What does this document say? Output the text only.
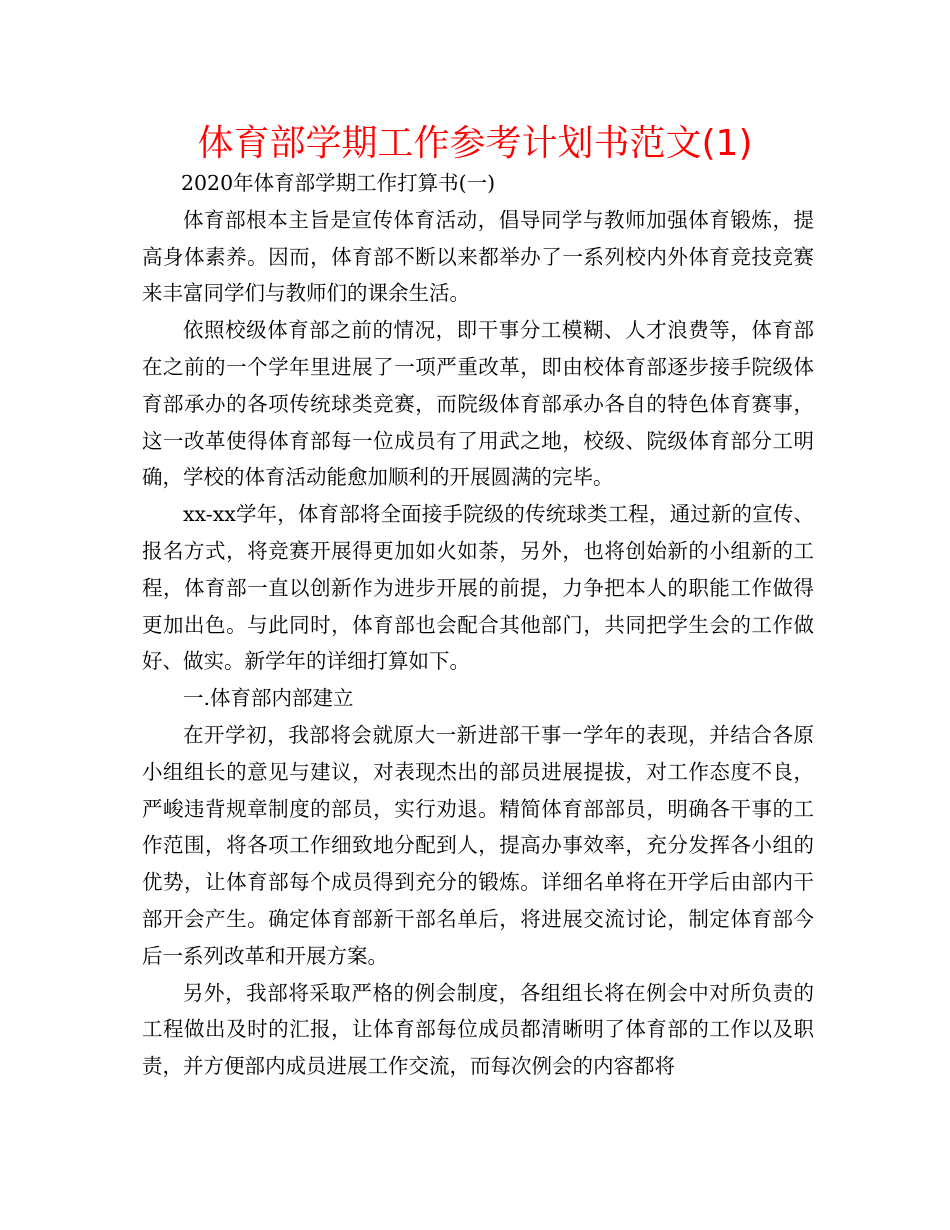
体育部学期工作参考计划书范文(1)

2020年体育部学期工作打算书(一)

体育部根本主旨是宣传体育活动，倡导同学与教师加强体育锻炼，提高身体素养。因而，体育部不断以来都举办了一系列校内外体育竞技竞赛来丰富同学们与教师们的课余生活。

依照校级体育部之前的情况，即干事分工模糊、人才浪费等，体育部在之前的一个学年里进展了一项严重改革，即由校体育部逐步接手院级体育部承办的各项传统球类竞赛，而院级体育部承办各自的特色体育赛事，这一改革使得体育部每一位成员有了用武之地，校级、院级体育部分工明确，学校的体育活动能愈加顺利的开展圆满的完毕。

xx-xx学年，体育部将全面接手院级的传统球类工程，通过新的宣传、报名方式，将竞赛开展得更加如火如荼，另外，也将创始新的小组新的工程，体育部一直以创新作为进步开展的前提，力争把本人的职能工作做得更加出色。与此同时，体育部也会配合其他部门，共同把学生会的工作做好、做实。新学年的详细打算如下。

一.体育部内部建立

在开学初，我部将会就原大一新进部干事一学年的表现，并结合各原小组组长的意见与建议，对表现杰出的部员进展提拔，对工作态度不良，严峻违背规章制度的部员，实行劝退。精简体育部部员，明确各干事的工作范围，将各项工作细致地分配到人，提高办事效率，充分发挥各小组的优势，让体育部每个成员得到充分的锻炼。详细名单将在开学后由部内干部开会产生。确定体育部新干部名单后，将进展交流讨论，制定体育部今后一系列改革和开展方案。

另外，我部将采取严格的例会制度，各组组长将在例会中对所负责的工程做出及时的汇报，让体育部每位成员都清晰明了体育部的工作以及职责，并方便部内成员进展工作交流，而每次例会的内容都将
